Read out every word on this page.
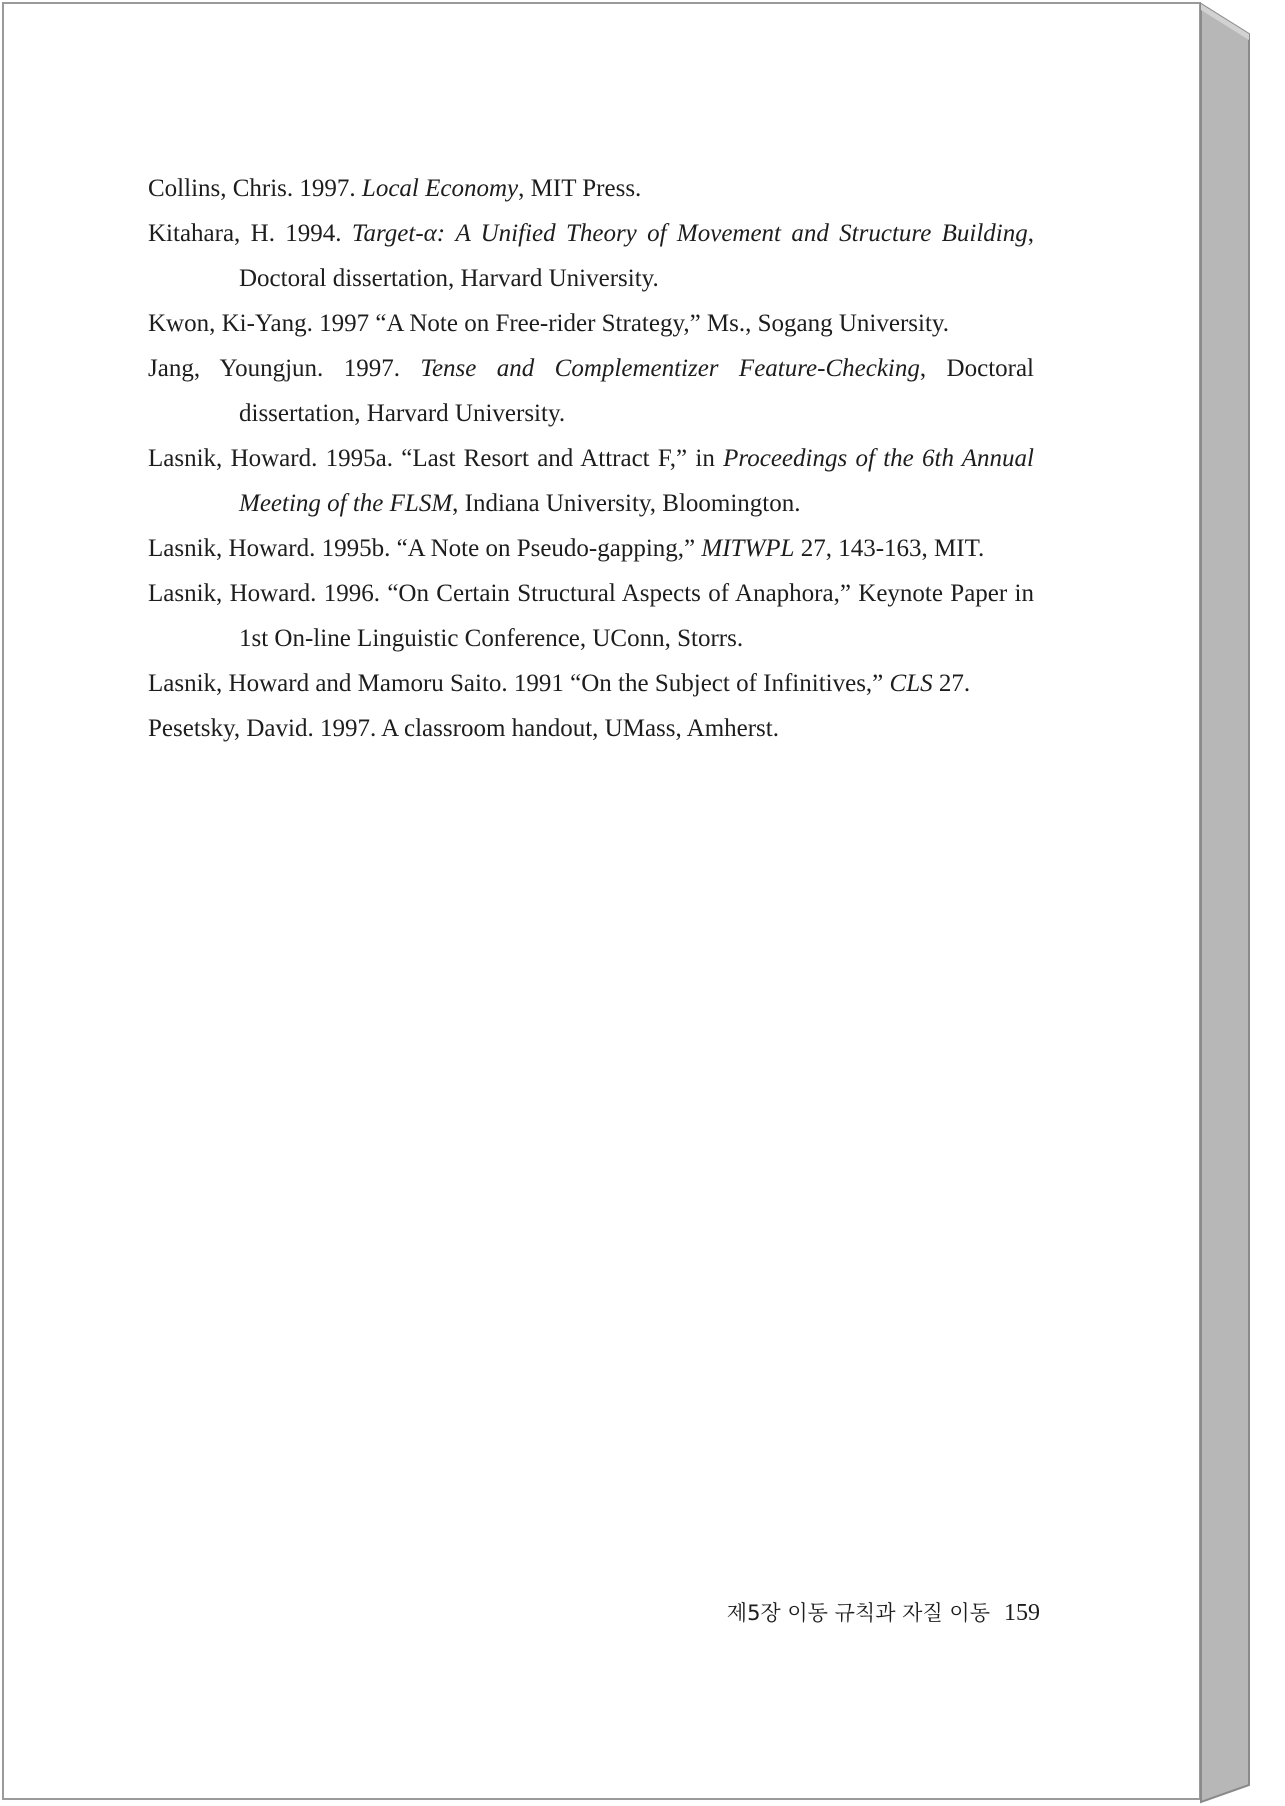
Collins, Chris. 1997. Local Economy, MIT Press.
Kitahara, H. 1994. Target-α: A Unified Theory of Movement and Structure Building, Doctoral dissertation, Harvard University.
Kwon, Ki-Yang. 1997 “A Note on Free-rider Strategy,” Ms., Sogang University.
Jang, Youngjun. 1997. Tense and Complementizer Feature-Checking, Doctoral dissertation, Harvard University.
Lasnik, Howard. 1995a. “Last Resort and Attract F,” in Proceedings of the 6th Annual Meeting of the FLSM, Indiana University, Bloomington.
Lasnik, Howard. 1995b. “A Note on Pseudo-gapping,” MITWPL 27, 143-163, MIT.
Lasnik, Howard. 1996. “On Certain Structural Aspects of Anaphora,” Keynote Paper in 1st On-line Linguistic Conference, UConn, Storrs.
Lasnik, Howard and Mamoru Saito. 1991 “On the Subject of Infinitives,” CLS 27.
Pesetsky, David. 1997. A classroom handout, UMass, Amherst.
제5장 이동 규칙과 자질 이동 159
